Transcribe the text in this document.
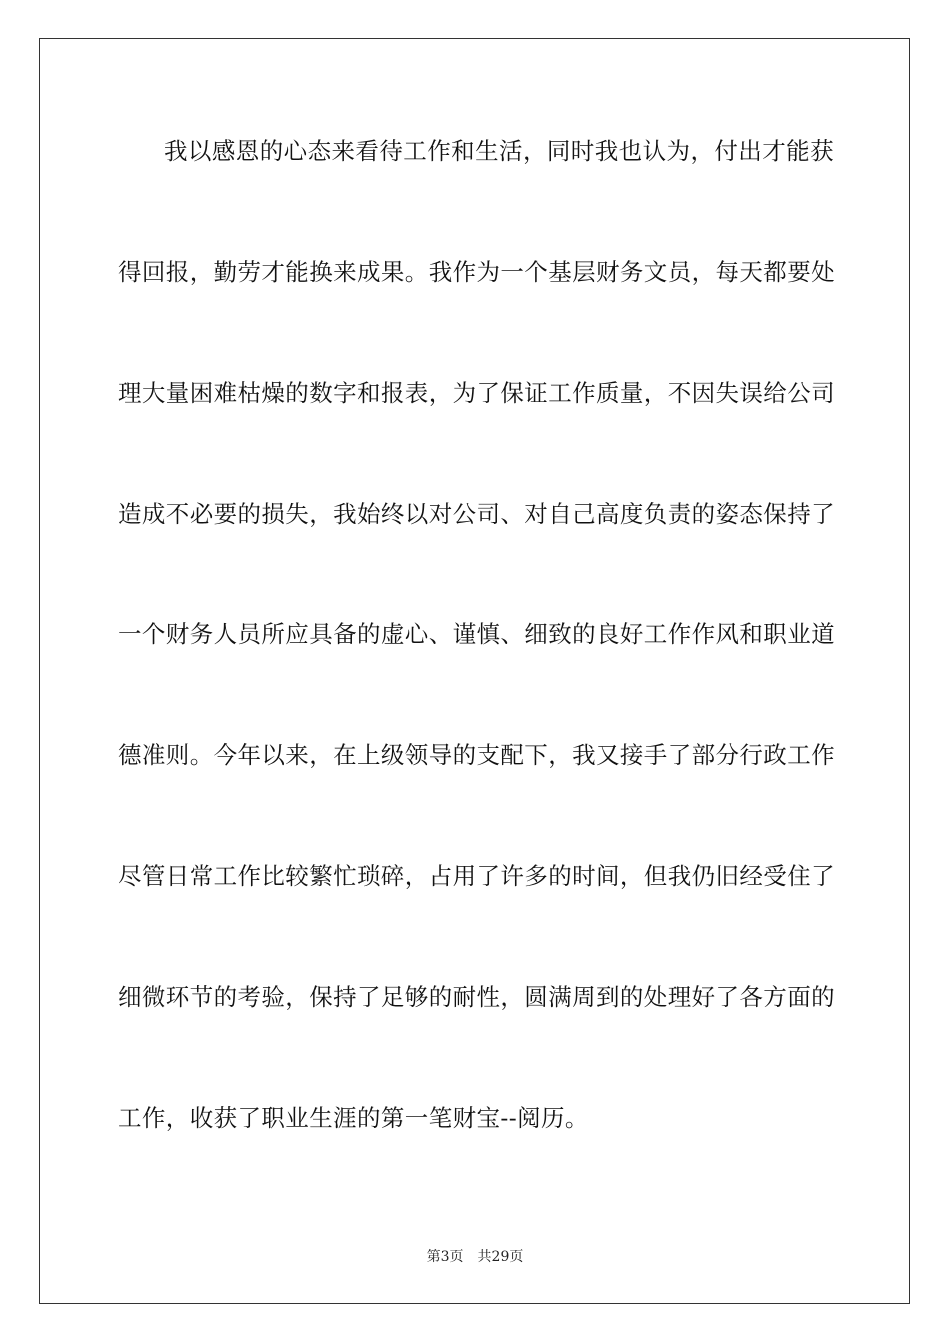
我以感恩的心态来看待工作和生活，同时我也认为，付出才能获
得回报，勤劳才能换来成果。我作为一个基层财务文员，每天都要处
理大量困难枯燥的数字和报表，为了保证工作质量，不因失误给公司
造成不必要的损失，我始终以对公司、对自己高度负责的姿态保持了
一个财务人员所应具备的虚心、谨慎、细致的良好工作作风和职业道
德准则。今年以来，在上级领导的支配下，我又接手了部分行政工作
尽管日常工作比较繁忙琐碎，占用了许多的时间，但我仍旧经受住了
细微环节的考验，保持了足够的耐性，圆满周到的处理好了各方面的
工作，收获了职业生涯的第一笔财宝--阅历。
第3页 共29页
